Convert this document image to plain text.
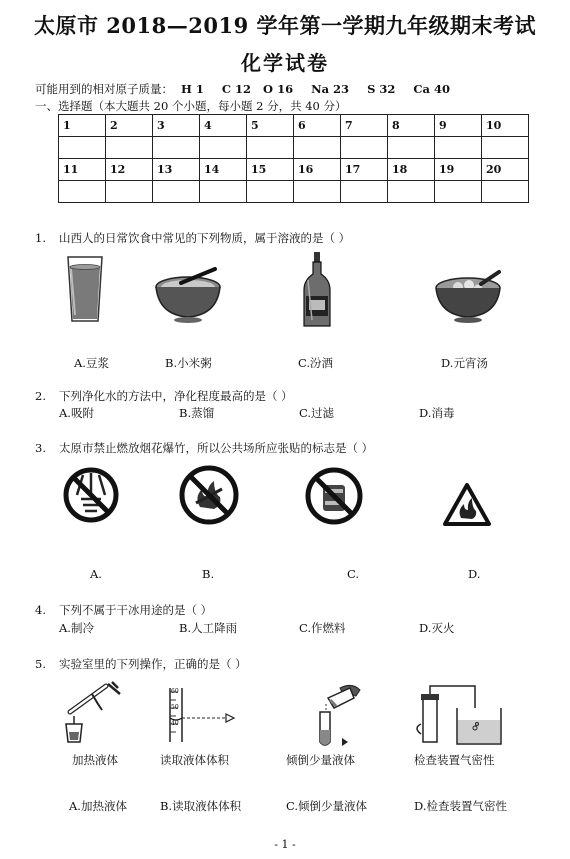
太原市 2018—2019 学年第一学期九年级期末考试
化学试卷
可能用到的相对原子质量： H 1 C 12 O 16 Na 23 S 32 Ca 40
一、选择题（本大题共 20 个小题，每小题 2 分，共 40 分）
1	2	3	4	5	6	7	8	9	10

11	12	13	14	15	16	17	18	19	20

1. 山西人的日常饮食中常见的下列物质，属于溶液的是（ ）
A.豆浆	B.小米粥	C.汾酒	D.元宵汤
2. 下列净化水的方法中，净化程度最高的是（ ）
A.吸附	B.蒸馏	C.过滤	D.消毒
3. 太原市禁止燃放烟花爆竹，所以公共场所应张贴的标志是（ ）
A.	B.	C.	D.
4. 下列不属于干冰用途的是（ ）
A.制冷	B.人工降雨	C.作燃料	D.灭火
5. 实验室里的下列操作，正确的是（ ）
加热液体
60
50
40
读取液体体积	倾倒少量液体	检查装置气密性
A.加热液体	B.读取液体体积	C.倾倒少量液体	D.检查装置气密性
- 1 -
